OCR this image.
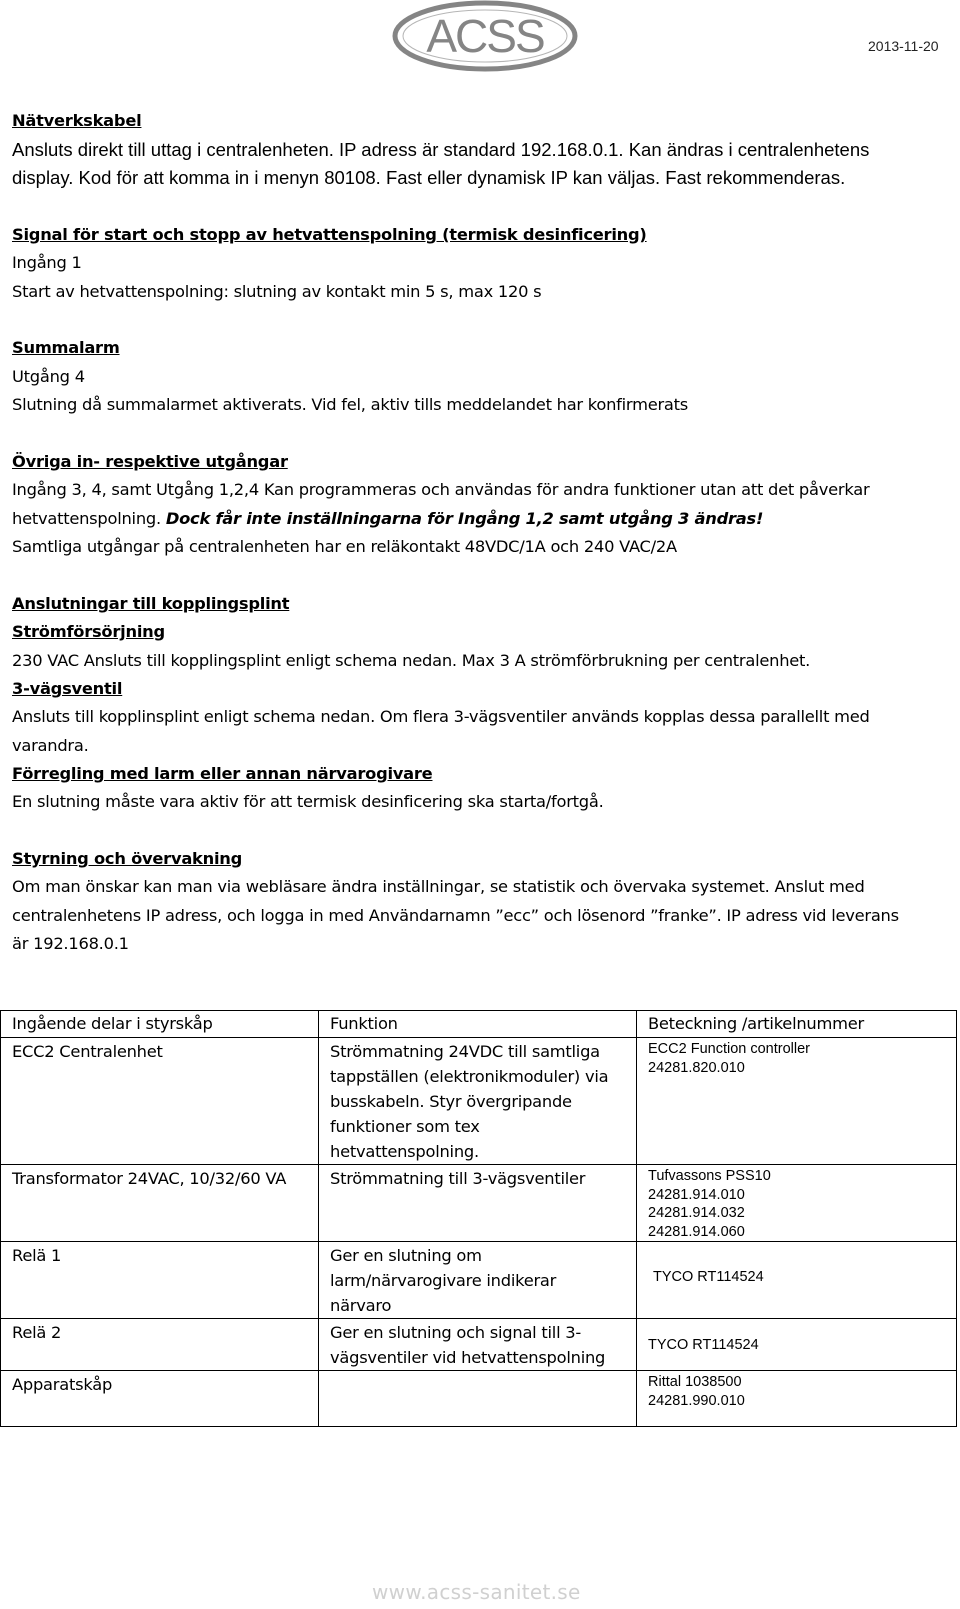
ACSS	2013-11-20
Nätverkskabel
Ansluts direkt till uttag i centralenheten. IP adress är standard 192.168.0.1. Kan ändras i centralenhetens
display. Kod för att komma in i menyn 80108. Fast eller dynamisk IP kan väljas. Fast rekommenderas.
Signal för start och stopp av hetvattenspolning (termisk desinficering)
Ingång 1
Start av hetvattenspolning: slutning av kontakt min 5 s, max 120 s
Summalarm
Utgång 4
Slutning då summalarmet aktiverats. Vid fel, aktiv tills meddelandet har konfirmerats
Övriga in- respektive utgångar
Ingång 3, 4, samt Utgång 1,2,4 Kan programmeras och användas för andra funktioner utan att det påverkar
hetvattenspolning. Dock får inte inställningarna för Ingång 1,2 samt utgång 3 ändras!
Samtliga utgångar på centralenheten har en reläkontakt 48VDC/1A och 240 VAC/2A
Anslutningar till kopplingsplint
Strömförsörjning
230 VAC Ansluts till kopplingsplint enligt schema nedan. Max 3 A strömförbrukning per centralenhet.
3-vägsventil
Ansluts till kopplinsplint enligt schema nedan. Om flera 3-vägsventiler används kopplas dessa parallellt med
varandra.
Förregling med larm eller annan närvarogivare
En slutning måste vara aktiv för att termisk desinficering ska starta/fortgå.
Styrning och övervakning
Om man önskar kan man via webläsare ändra inställningar, se statistik och övervaka systemet. Anslut med
centralenhetens IP adress, och logga in med Användarnamn ”ecc” och lösenord ”franke”. IP adress vid leverans
är 192.168.0.1
Ingående delar i styrskåp	Funktion	Beteckning /artikelnummer
ECC2 Centralenhet	Strömmatning 24VDC till samtliga tappställen (elektronikmoduler) via busskabeln. Styr övergripande funktioner som tex hetvattenspolning.	ECC2 Function controller
24281.820.010

Transformator 24VAC, 10/32/60 VA	Strömmatning till 3-vägsventiler	Tufvassons PSS10
24281.914.010
24281.914.032
24281.914.060

Relä 1	Ger en slutning om larm/närvarogivare indikerar närvaro	TYCO RT114524

Relä 2	Ger en slutning och signal till 3-vägsventiler vid hetvattenspolning	TYCO RT114524

Apparatskåp		Rittal 1038500
24281.990.010
www.acss-sanitet.se
